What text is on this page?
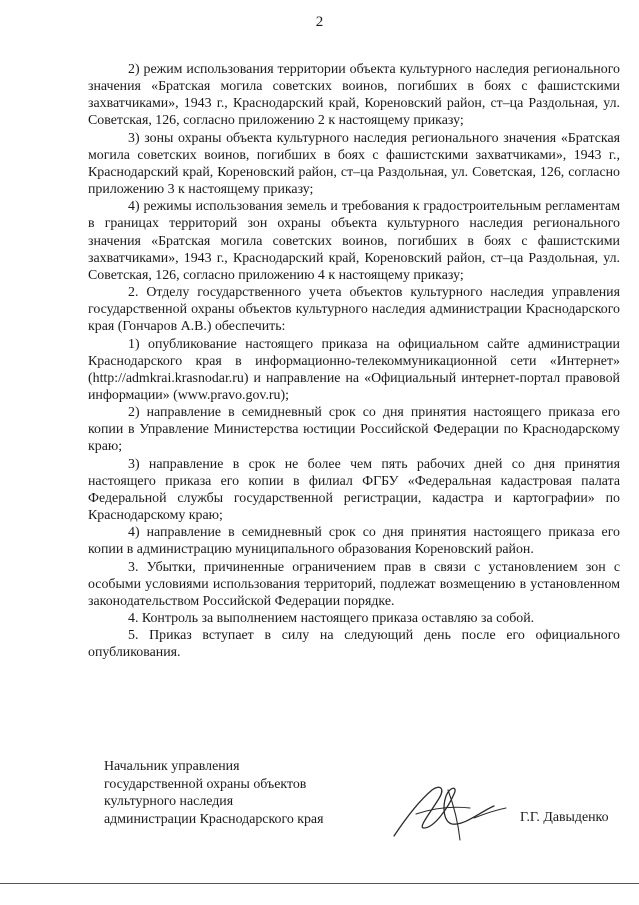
2

2) режим использования территории объекта культурного наследия регионального значения «Братская могила советских воинов, погибших в боях с фашистскими захватчиками», 1943 г., Краснодарский край, Кореновский район, ст–ца Раздольная, ул. Советская, 126, согласно приложению 2 к настоящему приказу;

3) зоны охраны объекта культурного наследия регионального значения «Братская могила советских воинов, погибших в боях с фашистскими захватчиками», 1943 г., Краснодарский край, Кореновский район, ст–ца Раздольная, ул. Советская, 126, согласно приложению 3 к настоящему приказу;

4) режимы использования земель и требования к градостроительным регламентам в границах территорий зон охраны объекта культурного наследия регионального значения «Братская могила советских воинов, погибших в боях с фашистскими захватчиками», 1943 г., Краснодарский край, Кореновский район, ст–ца Раздольная, ул. Советская, 126, согласно приложению 4 к настоящему приказу;

2. Отделу государственного учета объектов культурного наследия управления государственной охраны объектов культурного наследия администрации Краснодарского края (Гончаров А.В.) обеспечить:

1) опубликование настоящего приказа на официальном сайте администрации Краснодарского края в информационно-телекоммуникационной сети «Интернет» (http://admkrai.krasnodar.ru) и направление на «Официальный интернет-портал правовой информации» (www.pravo.gov.ru);

2) направление в семидневный срок со дня принятия настоящего приказа его копии в Управление Министерства юстиции Российской Федерации по Краснодарскому краю;

3) направление в срок не более чем пять рабочих дней со дня принятия настоящего приказа его копии в филиал ФГБУ «Федеральная кадастровая палата Федеральной службы государственной регистрации, кадастра и картографии» по Краснодарскому краю;

4) направление в семидневный срок со дня принятия настоящего приказа его копии в администрацию муниципального образования Кореновский район.

3. Убытки, причиненные ограничением прав в связи с установлением зон с особыми условиями использования территорий, подлежат возмещению в установленном законодательством Российской Федерации порядке.

4. Контроль за выполнением настоящего приказа оставляю за собой.

5. Приказ вступает в силу на следующий день после его официального опубликования.

Начальник управления
государственной охраны объектов
культурного наследия
администрации Краснодарского края	Г.Г. Давыденко
